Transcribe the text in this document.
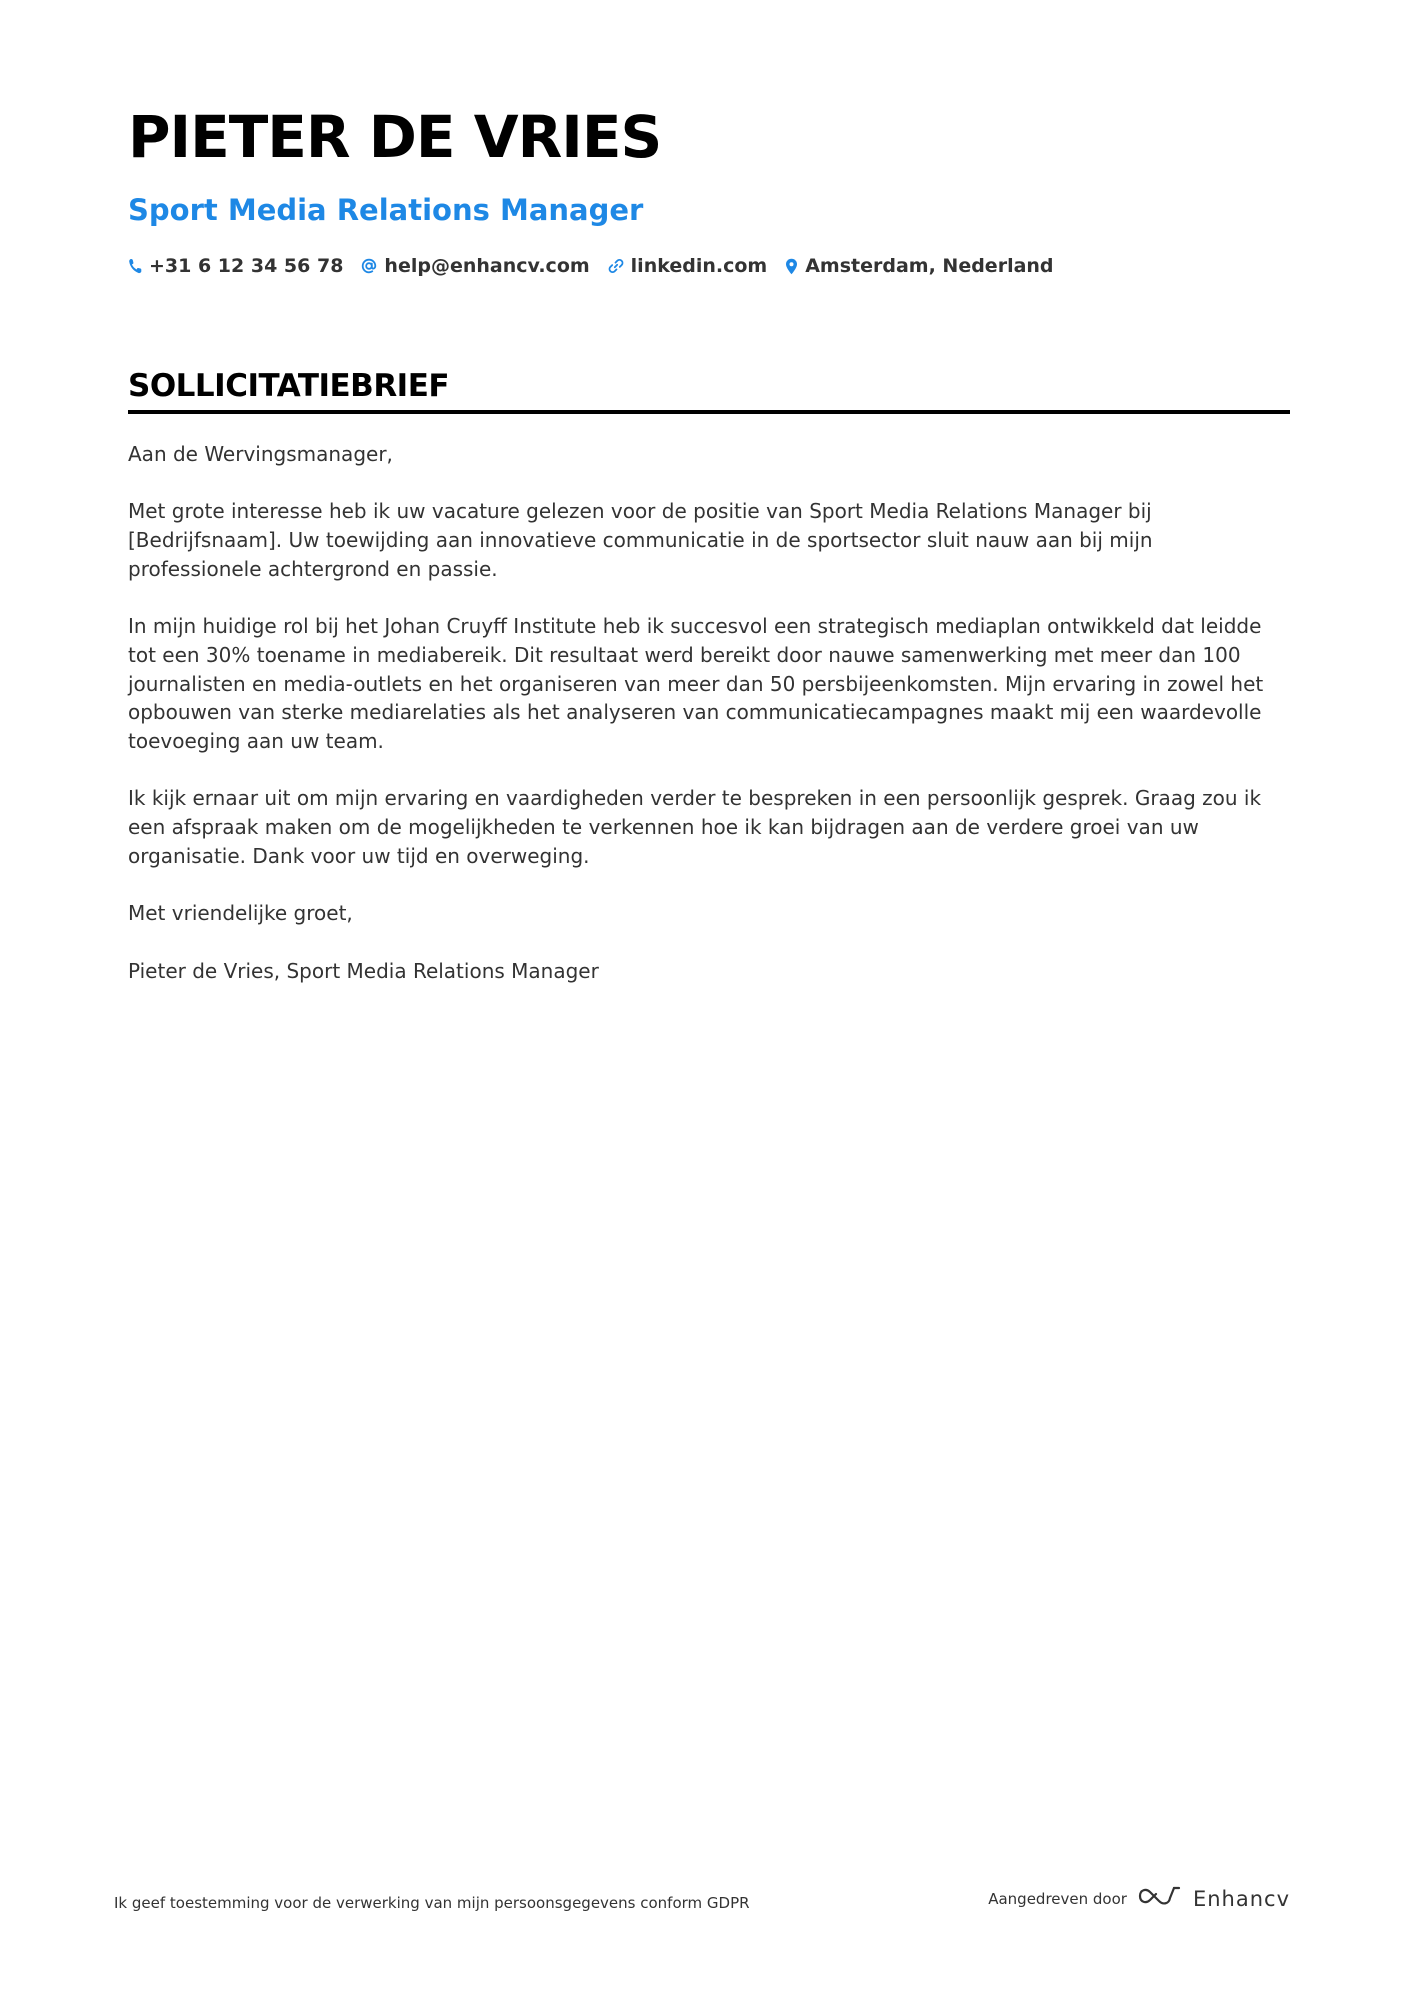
PIETER DE VRIES
Sport Media Relations Manager
+31 6 12 34 56 78 help@enhancv.com linkedin.com Amsterdam, Nederland
SOLLICITATIEBRIEF

Aan de Wervingsmanager,

Met grote interesse heb ik uw vacature gelezen voor de positie van Sport Media Relations Manager bij [Bedrijfsnaam]. Uw toewijding aan innovatieve communicatie in de sportsector sluit nauw aan bij mijn professionele achtergrond en passie.

In mijn huidige rol bij het Johan Cruyff Institute heb ik succesvol een strategisch mediaplan ontwikkeld dat leidde tot een 30% toename in mediabereik. Dit resultaat werd bereikt door nauwe samenwerking met meer dan 100 journalisten en media-outlets en het organiseren van meer dan 50 persbijeenkomsten. Mijn ervaring in zowel het opbouwen van sterke mediarelaties als het analyseren van communicatiecampagnes maakt mij een waardevolle toevoeging aan uw team.

Ik kijk ernaar uit om mijn ervaring en vaardigheden verder te bespreken in een persoonlijk gesprek. Graag zou ik een afspraak maken om de mogelijkheden te verkennen hoe ik kan bijdragen aan de verdere groei van uw organisatie. Dank voor uw tijd en overweging.

Met vriendelijke groet,

Pieter de Vries, Sport Media Relations Manager

Ik geef toestemming voor de verwerking van mijn persoonsgegevens conform GDPR	Aangedreven door	Enhancv
